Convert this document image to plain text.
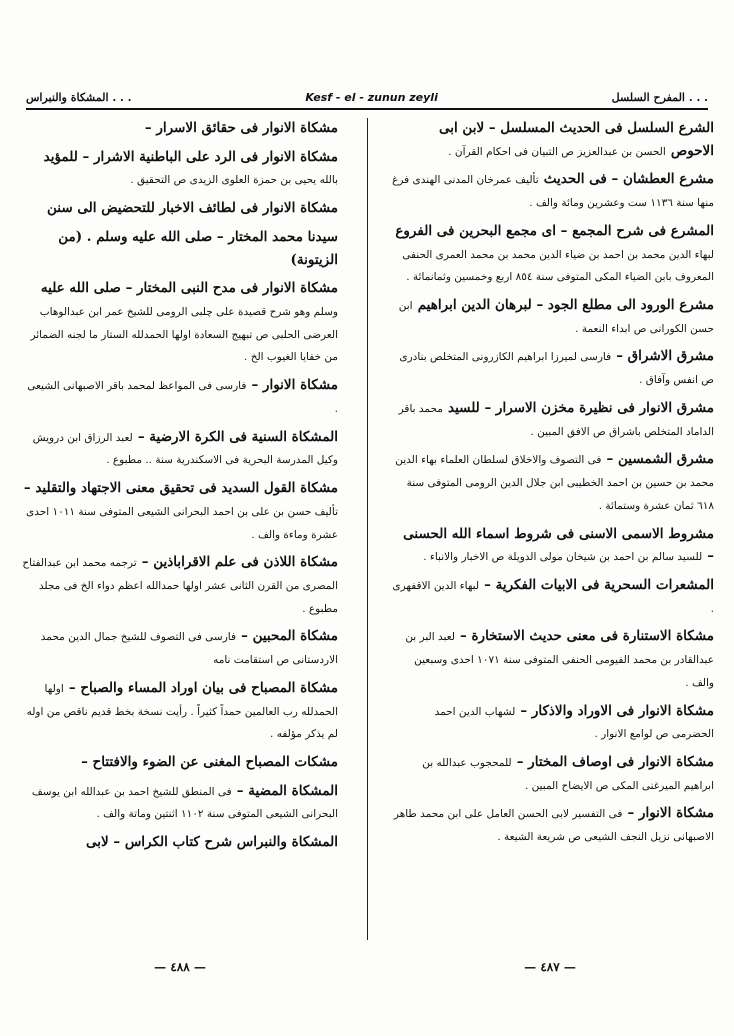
المشكاة والنبراس . . .	Kesf - el - zunun zeyli	المفرح السلسل . . .

مشكاة الانوار فى حقائق الاسرار –

مشكاة الانوار فى الرد على الباطنية الاشرار – للمؤيد بالله يحيى بن حمزة العلوى الزيدى ص التحقيق .

مشكاة الانوار فى لطائف الاخبار للتحضيض الى سنن

سيدنا محمد المختار – صلى الله عليه وسلم . (من الزيتونة)

مشكاة الانوار فى مدح النبى المختار – صلى الله عليه وسلم وهو شرح قصيدة على چلبى الرومى للشيخ عمر ابن عبدالوهاب العرضى الحلبى ص تبهيج السعادة اولها الحمدلله الستار ما لجنه الضمائر من خفايا الغيوب الخ .

مشكاة الانوار – فارسى فى المواعظ لمحمد باقر الاصبهانى الشيعى .

المشكاة السنية فى الكرة الارضية – لعبد الرزاق ابن درويش وكيل المدرسة البحرية فى الاسكندرية سنة .. مطبوع .

مشكاة القول السديد فى تحقيق معنى الاجتهاد والتقليد – تأليف حسن بن على بن احمد البحرانى الشيعى المتوفى سنة ١٠١١ احدى عشرة وماءة والف .

مشكاة اللاذن فى علم الاقراباذين – ترجمه محمد ابن عبدالفتاح المصرى من القرن الثانى عشر اولها حمدالله اعظم دواء الخ فى مجلد مطبوع .

مشكاة المحبين – فارسى فى التصوف للشيخ جمال الدين محمد الاردستانى ص استقامت نامه

مشكاة المصباح فى بيان اوراد المساء والصباح – اولها الحمدلله رب العالمين حمداً كثيراً . رأيت نسخة بخط قديم ناقص من اوله لم يذكر مؤلفه .

مشكات المصباح المغنى عن الضوء والافتتاح –

المشكاة المضية – فى المنطق للشيخ احمد بن عبدالله ابن يوسف البحرانى الشيعى المتوفى سنة ١١٠٢ اثنتين وماتة والف .

المشكاة والنبراس شرح كتاب الكراس – لابى

الشرع السلسل فى الحديث المسلسل – لابن ابى الاحوص الحسن بن عبدالعزيز ص التبيان فى احكام القرآن .

مشرع العطشان – فى الحديث تأليف عمرخان المدنى الهندى فرغ منها سنة ١١٣٦ ست وعشرين ومائة والف .

المشرع فى شرح المجمع – اى مجمع البحرين فى الفروع لبهاء الدين محمد بن احمد بن ضياء الدين محمد بن محمد العمرى الحنفى المعروف بابن الضياء المكى المتوفى سنة ٨٥٤ اربع وخمسين وثمانمائة .

مشرع الورود الى مطلع الجود – لبرهان الدين ابراهيم ابن حسن الكورانى ص ابداء النعمة .

مشرق الاشراق – فارسى لميرزا ابراهيم الكازرونى المتخلص بنادرى ص انفس وآفاق .

مشرق الانوار فى نظيرة مخزن الاسرار – للسيد محمد باقر الداماد المتخلص باشراق ص الافق المبين .

مشرق الشمسين – فى التصوف والاخلاق لسلطان العلماء بهاء الدين محمد بن حسين بن احمد الخطيبى ابن جلال الدين الرومى المتوفى سنة ٦١٨ ثمان عشرة وستمائة .

مشروط الاسمى الاسنى فى شروط اسماء الله الحسنى – للسيد سالم بن احمد بن شيخان مولى الدويلة ص الاخبار والانباء .

المشعرات السحرية فى الابيات الفكرية – لبهاء الدين الاقفهرى .

مشكاة الاستنارة فى معنى حديث الاستخارة – لعبد البر بن عبدالقادر بن محمد الفيومى الحنفى المتوفى سنة ١٠٧١ احدى وسبعين والف .

مشكاة الانوار فى الاوراد والاذكار – لشهاب الدين احمد الحضرمى ص لوامع الانوار .

مشكاة الانوار فى اوصاف المختار – للمحجوب عبدالله بن ابراهيم الميرغنى المكى ص الايضاح المبين .

مشكاة الانوار – فى التفسير لابى الحسن العامل على ابن محمد طاهر الاصبهانى نزيل النجف الشيعى ص شريعة الشيعة .

— ٤٨٨ —	— ٤٨٧ —
